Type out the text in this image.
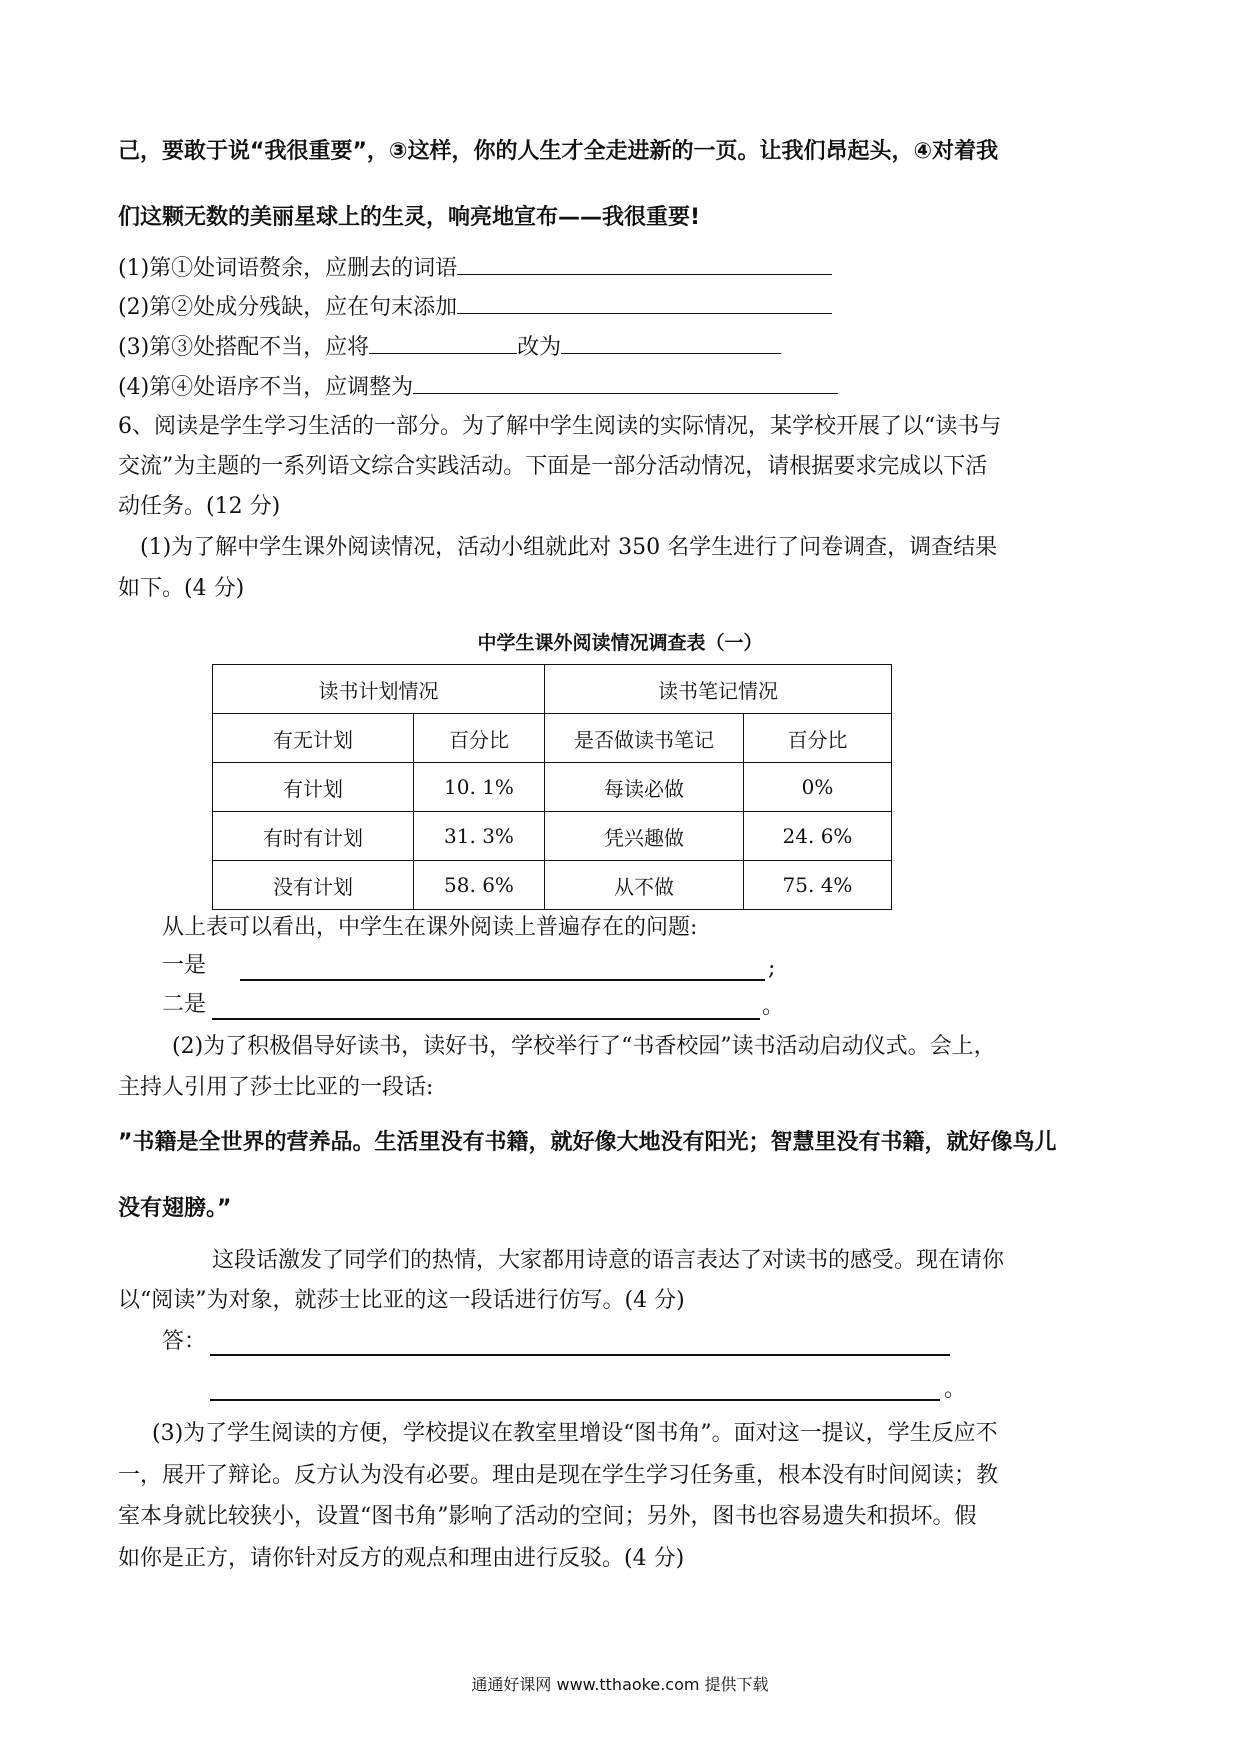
己，要敢于说“我很重要”，③这样，你的人生才全走进新的一页。让我们昂起头，④对着我
们这颗无数的美丽星球上的生灵，响亮地宣布——我很重要!
(1)第①处词语赘余，应删去的词语
(2)第②处成分残缺，应在句末添加
(3)第③处搭配不当，应将	改为
(4)第④处语序不当，应调整为
6、阅读是学生学习生活的一部分。为了解中学生阅读的实际情况，某学校开展了以“读书与
交流”为主题的一系列语文综合实践活动。下面是一部分活动情况，请根据要求完成以下活
动任务。(12 分)
(1)为了解中学生课外阅读情况，活动小组就此对 350 名学生进行了问卷调查，调查结果
如下。(4 分)
中学生课外阅读情况调查表（一）
读书计划情况		读书笔记情况	
有无计划	百分比	是否做读书笔记	百分比
有计划	10. 1%	每读必做	0%
有时有计划	31. 3%	凭兴趣做	24. 6%
没有计划	58. 6%	从不做	75. 4%
从上表可以看出，中学生在课外阅读上普遍存在的问题:
一是	;
二是	。
(2)为了积极倡导好读书，读好书，学校举行了“书香校园”读书活动启动仪式。会上，
主持人引用了莎士比亚的一段话:
”书籍是全世界的营养品。生活里没有书籍，就好像大地没有阳光；智慧里没有书籍，就好像鸟儿
没有翅膀。”
这段话激发了同学们的热情，大家都用诗意的语言表达了对读书的感受。现在请你
以“阅读”为对象，就莎士比亚的这一段话进行仿写。(4 分)
答：
。
(3)为了学生阅读的方便，学校提议在教室里增设“图书角”。面对这一提议，学生反应不
一，展开了辩论。反方认为没有必要。理由是现在学生学习任务重，根本没有时间阅读；教
室本身就比较狭小，设置“图书角”影响了活动的空间；另外，图书也容易遗失和损坏。假
如你是正方，请你针对反方的观点和理由进行反驳。(4 分)
通通好课网 www.tthaoke.com 提供下载
